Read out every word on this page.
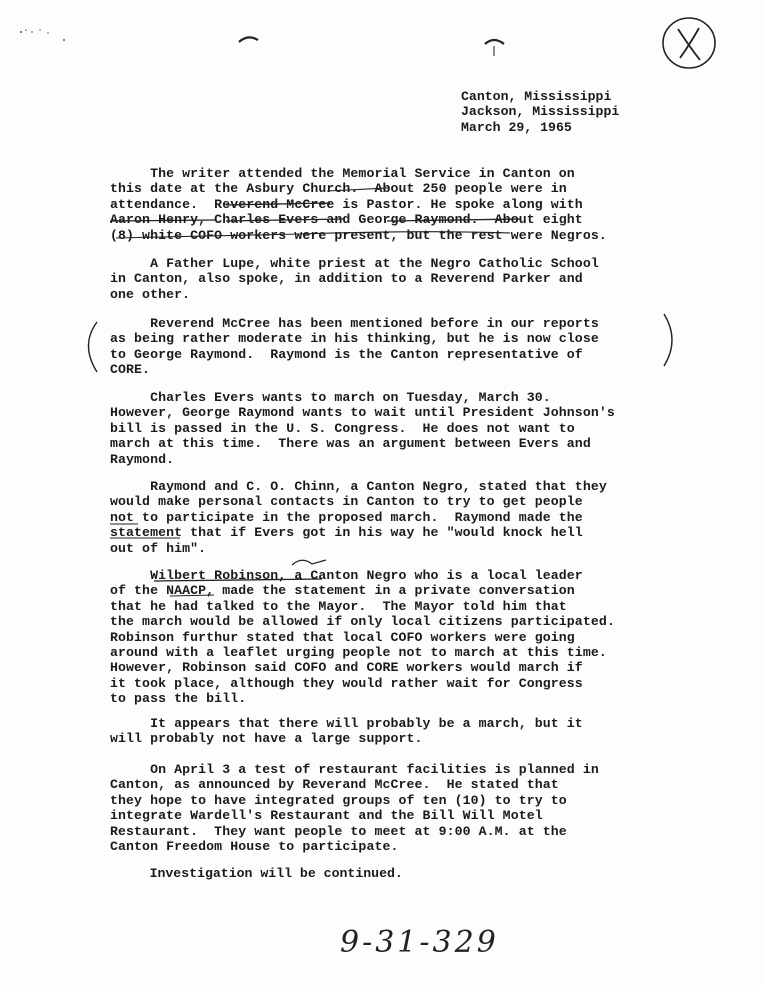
Canton, Mississippi
Jackson, Mississippi
March 29, 1965
The writer attended the Memorial Service in Canton on
this date at the Asbury Church.  About 250 people were in
attendance.  Reverend McCree is Pastor. He spoke along with
Aaron Henry, Charles Evers and George Raymond.  About eight
(8) white COFO workers were present, but the rest were Negros.
A Father Lupe, white priest at the Negro Catholic School
in Canton, also spoke, in addition to a Reverend Parker and
one other.
Reverend McCree has been mentioned before in our reports
as being rather moderate in his thinking, but he is now close
to George Raymond.  Raymond is the Canton representative of
CORE.
Charles Evers wants to march on Tuesday, March 30.
However, George Raymond wants to wait until President Johnson's
bill is passed in the U. S. Congress.  He does not want to
march at this time.  There was an argument between Evers and
Raymond.
Raymond and C. O. Chinn, a Canton Negro, stated that they
would make personal contacts in Canton to try to get people
not to participate in the proposed march.  Raymond made the
statement that if Evers got in his way he "would knock hell
out of him".
Wilbert Robinson, a Canton Negro who is a local leader
of the NAACP, made the statement in a private conversation
that he had talked to the Mayor.  The Mayor told him that
the march would be allowed if only local citizens participated.
Robinson furthur stated that local COFO workers were going
around with a leaflet urging people not to march at this time.
However, Robinson said COFO and CORE workers would march if
it took place, although they would rather wait for Congress
to pass the bill.
It appears that there will probably be a march, but it
will probably not have a large support.
On April 3 a test of restaurant facilities is planned in
Canton, as announced by Reverand McCree.  He stated that
they hope to have integrated groups of ten (10) to try to
integrate Wardell's Restaurant and the Bill Will Motel
Restaurant.  They want people to meet at 9:00 A.M. at the
Canton Freedom House to participate.
Investigation will be continued.
9-31-329
